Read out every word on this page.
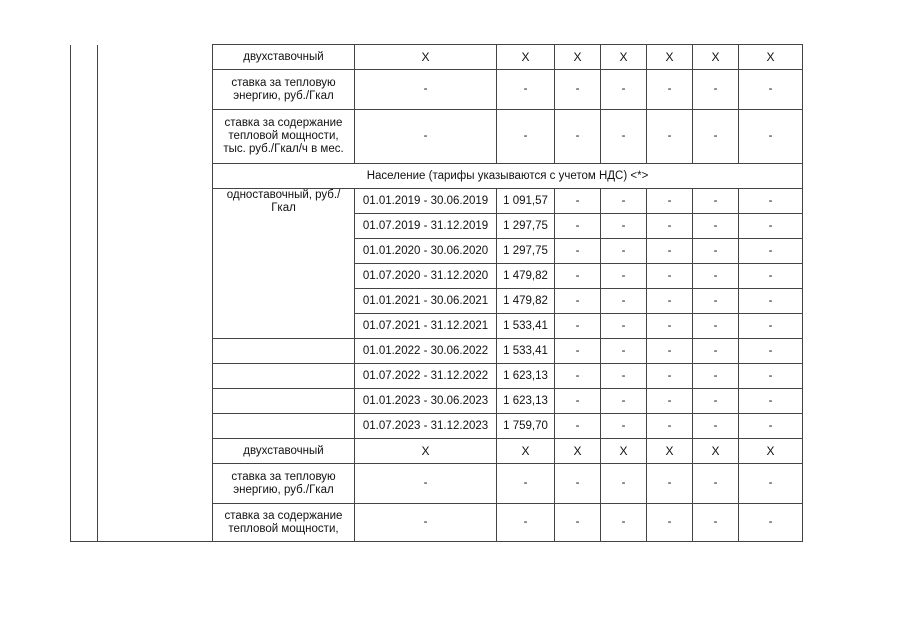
		двухставочный	X	X	X	X	X	X	X
		ставка за тепловую энергию, руб./Гкал	-	-	-	-	-	-	-
		ставка за содержание тепловой мощности, тыс. руб./Гкал/ч в мес.	-	-	-	-	-	-	-
		Население (тарифы указываются с учетом НДС) <*>							
		одноставочный, руб./Гкал	01.01.2019 - 30.06.2019	1 091,57	-	-	-	-	-
			01.07.2019 - 31.12.2019	1 297,75	-	-	-	-	-
			01.01.2020 - 30.06.2020	1 297,75	-	-	-	-	-
			01.07.2020 - 31.12.2020	1 479,82	-	-	-	-	-
			01.01.2021 - 30.06.2021	1 479,82	-	-	-	-	-
			01.07.2021 - 31.12.2021	1 533,41	-	-	-	-	-
			01.01.2022 - 30.06.2022	1 533,41	-	-	-	-	-
			01.07.2022 - 31.12.2022	1 623,13	-	-	-	-	-
			01.01.2023 - 30.06.2023	1 623,13	-	-	-	-	-
			01.07.2023 - 31.12.2023	1 759,70	-	-	-	-	-
		двухставочный	X	X	X	X	X	X	X
		ставка за тепловую энергию, руб./Гкал	-	-	-	-	-	-	-
		ставка за содержание тепловой мощности,	-	-	-	-	-	-	-
